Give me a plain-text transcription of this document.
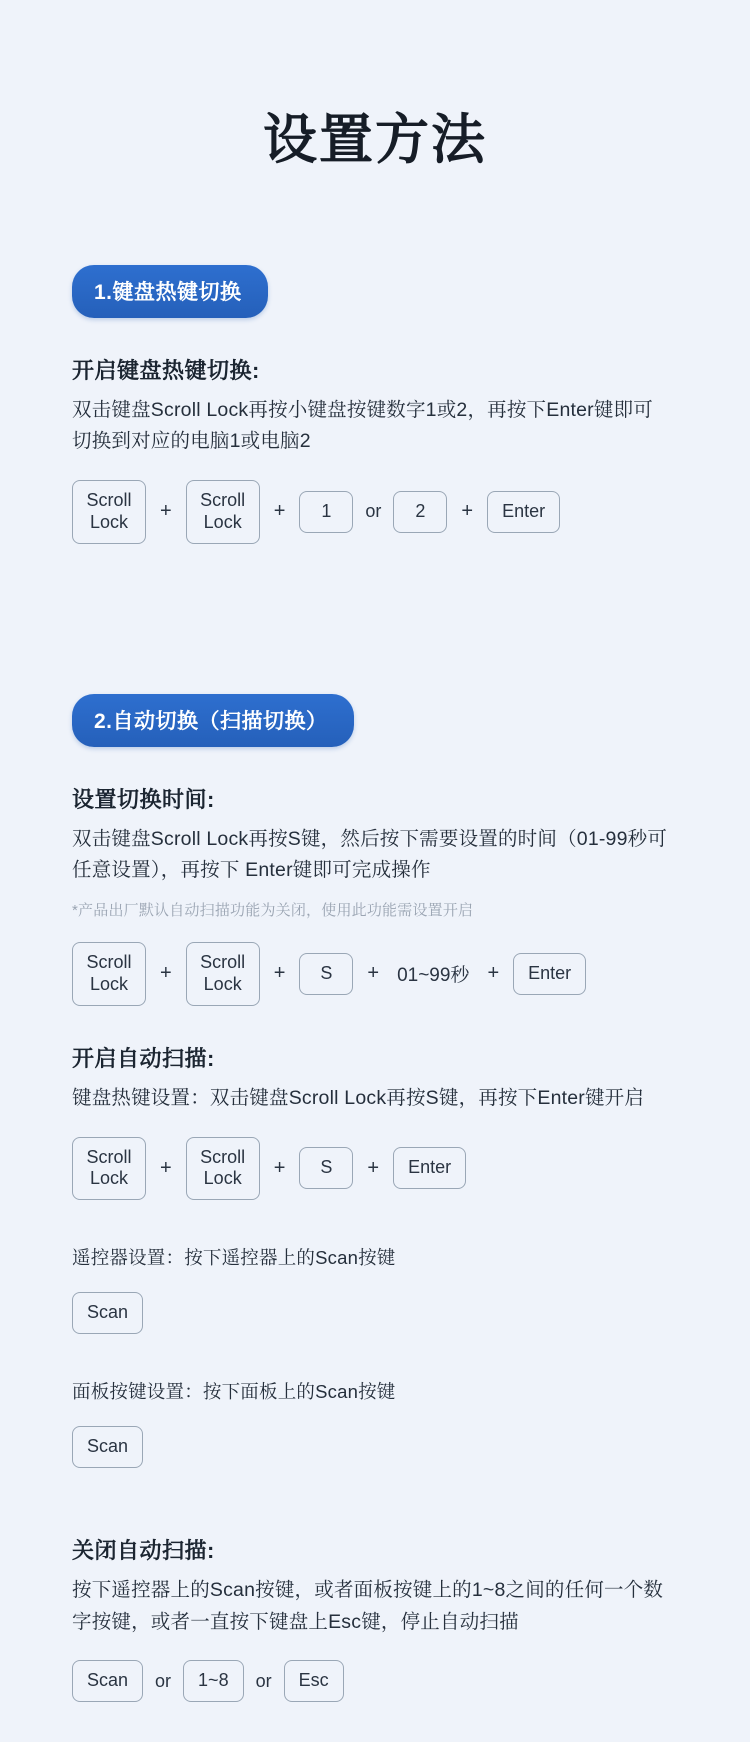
设置方法
1.键盘热键切换
开启键盘热键切换:
双击键盘Scroll Lock再按小键盘按键数字1或2，再按下Enter键即可切换到对应的电脑1或电脑2
Scroll
Lock	+
Scroll
Lock	+	1	or	2	+	Enter
2.自动切换（扫描切换）
设置切换时间:
双击键盘Scroll Lock再按S键，然后按下需要设置的时间（01-99秒可任意设置），再按下 Enter键即可完成操作
*产品出厂默认自动扫描功能为关闭，使用此功能需设置开启
Scroll
Lock	+
Scroll
Lock	+	S	+ 01~99秒 +	Enter
开启自动扫描:
键盘热键设置：双击键盘Scroll Lock再按S键，再按下Enter键开启
Scroll
Lock	+
Scroll
Lock	+	S	+	Enter
遥控器设置：按下遥控器上的Scan按键
Scan
面板按键设置：按下面板上的Scan按键
Scan
关闭自动扫描:
按下遥控器上的Scan按键，或者面板按键上的1~8之间的任何一个数字按键，或者一直按下键盘上Esc键，停止自动扫描
Scan	or	1~8	or	Esc
